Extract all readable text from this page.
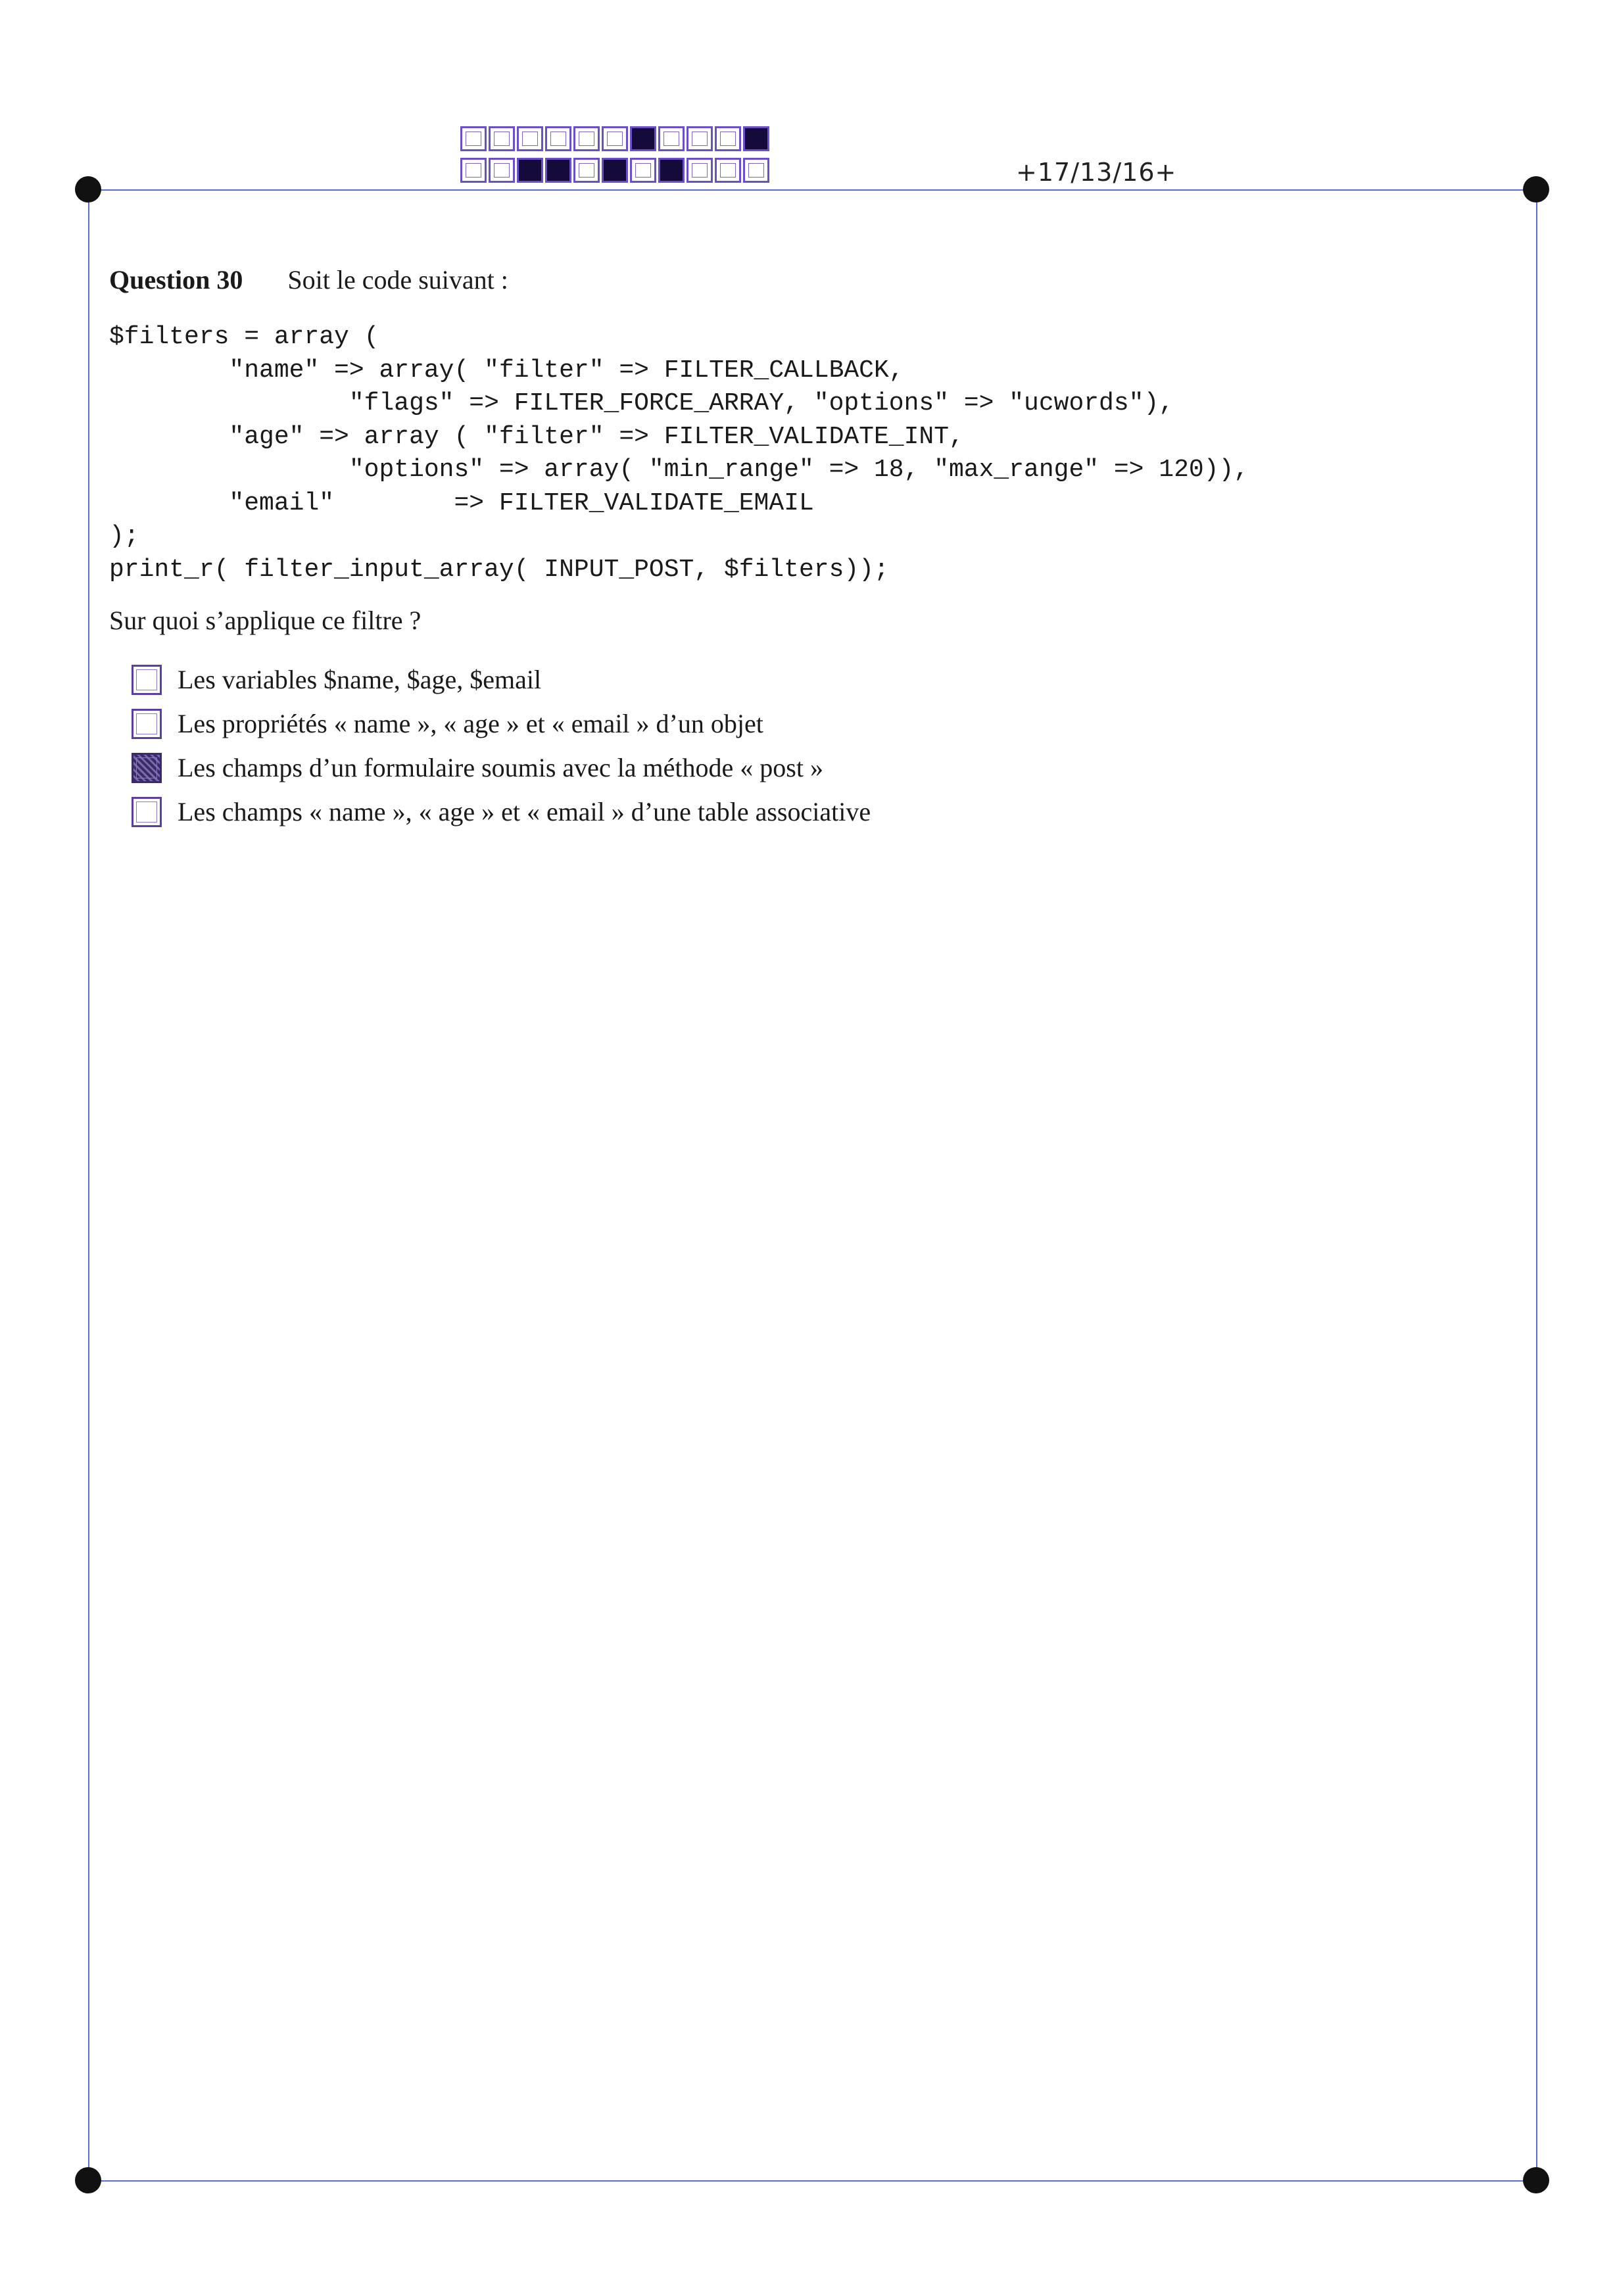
+17/13/16+
Question 30 Soit le code suivant :
$filters = array (
"name" => array( "filter" => FILTER_CALLBACK,
"flags" => FILTER_FORCE_ARRAY, "options" => "ucwords"),
"age" => array ( "filter" => FILTER_VALIDATE_INT,
"options" => array( "min_range" => 18, "max_range" => 120)),
"email"        => FILTER_VALIDATE_EMAIL
);
print_r( filter_input_array( INPUT_POST, $filters));
Sur quoi s’applique ce filtre ?
Les variables $name, $age, $email
Les propriétés « name », « age » et « email » d’un objet
Les champs d’un formulaire soumis avec la méthode « post »
Les champs « name », « age » et « email » d’une table associative
